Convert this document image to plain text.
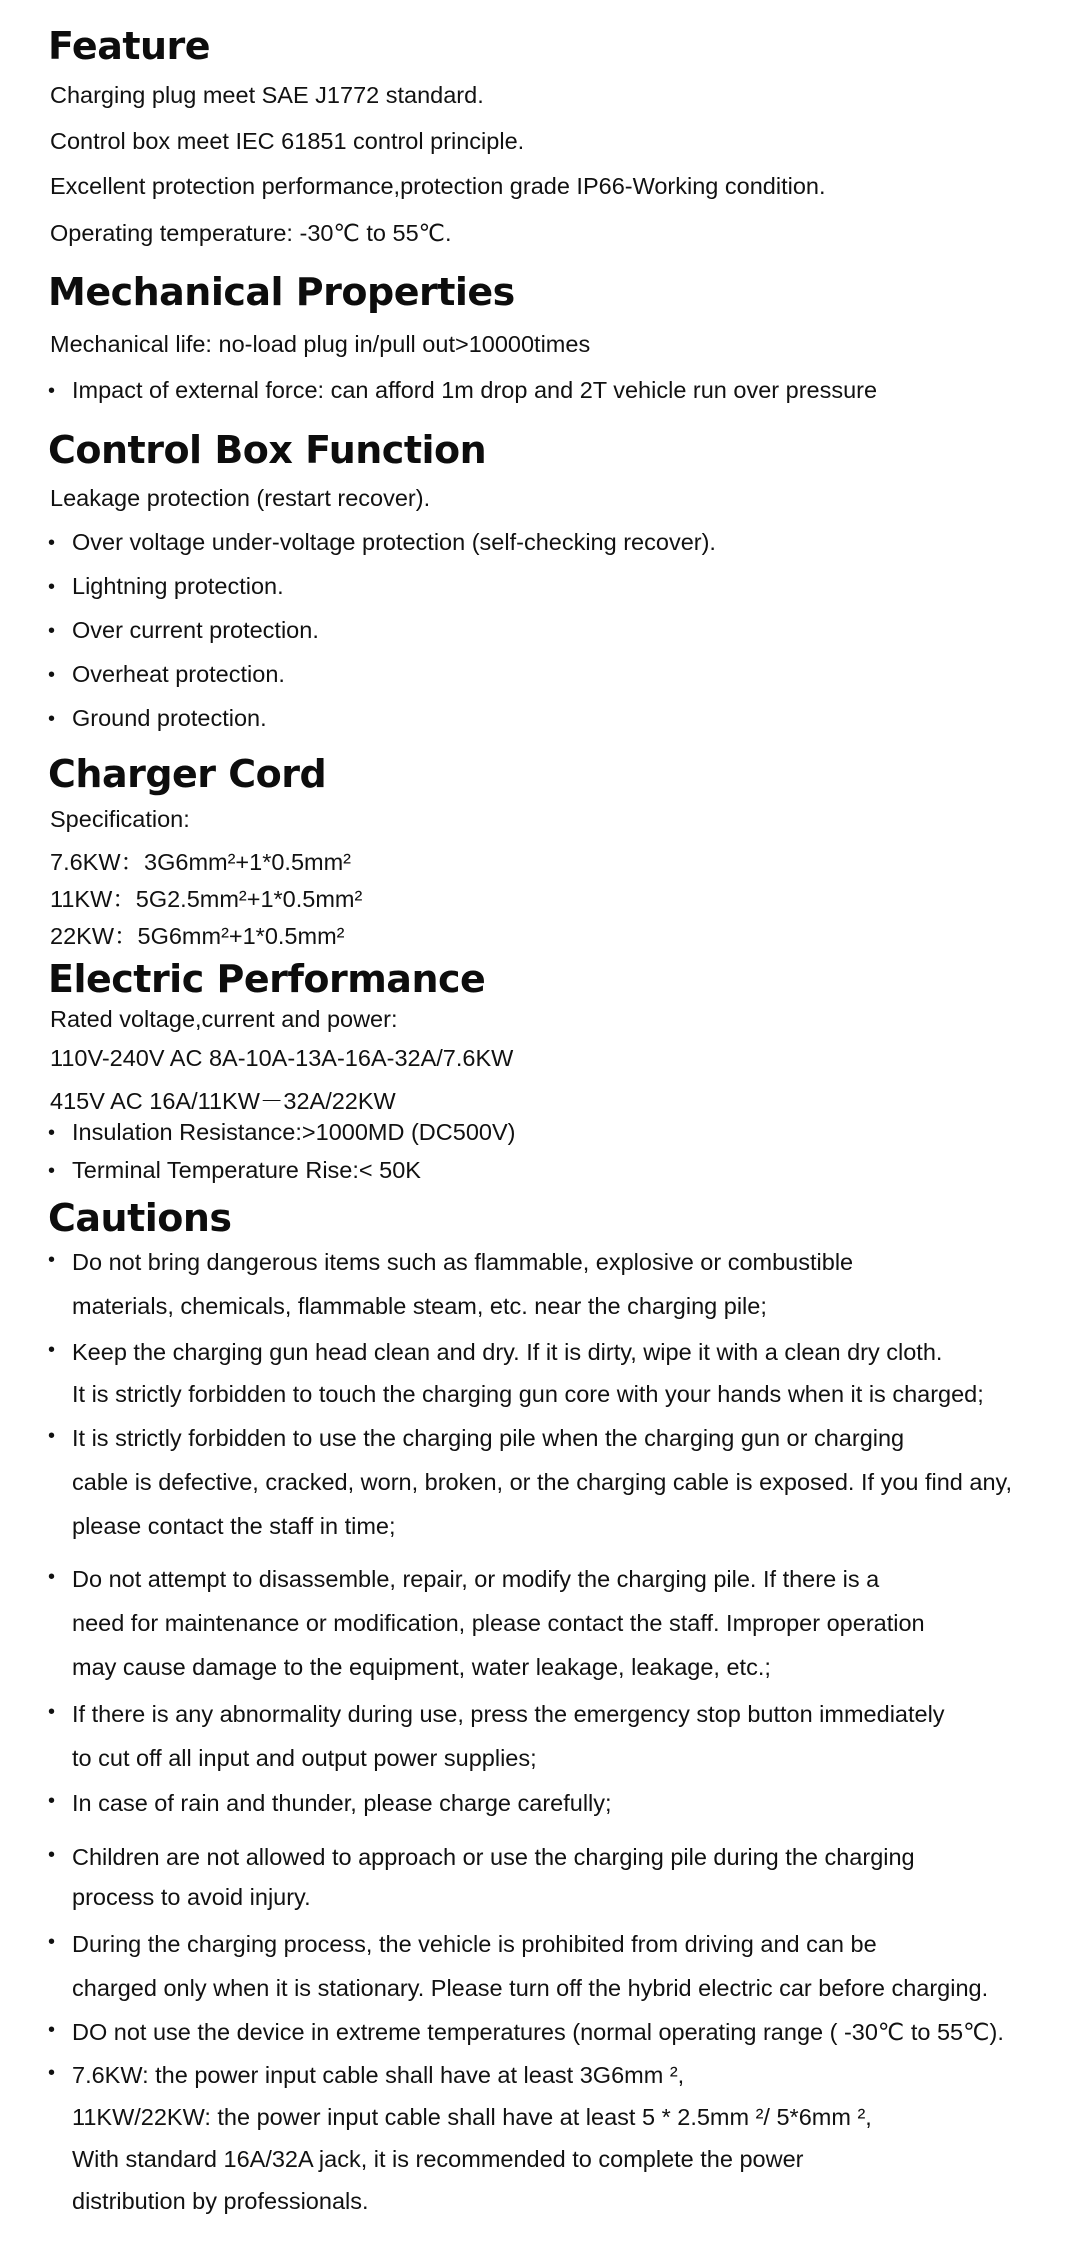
Feature

Charging plug meet SAE J1772 standard.

Control box meet IEC 61851 control principle.

Excellent protection performance,protection grade IP66-Working condition.

Operating temperature: -30℃ to 55℃.

Mechanical Properties

Mechanical life: no-load plug in/pull out>10000times

• Impact of external force: can afford 1m drop and 2T vehicle run over pressure

Control Box Function

Leakage protection (restart recover).

• Over voltage under-voltage protection (self-checking recover).

• Lightning protection.

• Over current protection.

• Overheat protection.

• Ground protection.

Charger Cord

Specification:

7.6KW：3G6mm²+1*0.5mm²

11KW：5G2.5mm²+1*0.5mm²

22KW：5G6mm²+1*0.5mm²

Electric Performance

Rated voltage,current and power:

110V-240V AC 8A-10A-13A-16A-32A/7.6KW

415V AC 16A/11KW－32A/22KW

• Insulation Resistance:>1000MD (DC500V)

• Terminal Temperature Rise:< 50K

Cautions
• Do not bring dangerous items such as flammable, explosive or combustible
materials, chemicals, flammable steam, etc. near the charging pile;
• Keep the charging gun head clean and dry. If it is dirty, wipe it with a clean dry cloth.
It is strictly forbidden to touch the charging gun core with your hands when it is charged;
• It is strictly forbidden to use the charging pile when the charging gun or charging
cable is defective, cracked, worn, broken, or the charging cable is exposed. If you find any,
please contact the staff in time;
• Do not attempt to disassemble, repair, or modify the charging pile. If there is a
need for maintenance or modification, please contact the staff. Improper operation
may cause damage to the equipment, water leakage, leakage, etc.;
• If there is any abnormality during use, press the emergency stop button immediately
to cut off all input and output power supplies;
• In case of rain and thunder, please charge carefully;
• Children are not allowed to approach or use the charging pile during the charging
process to avoid injury.
• During the charging process, the vehicle is prohibited from driving and can be
charged only when it is stationary. Please turn off the hybrid electric car before charging.
• DO not use the device in extreme temperatures (normal operating range ( -30℃ to 55℃).
• 7.6KW: the power input cable shall have at least 3G6mm ²,
11KW/22KW: the power input cable shall have at least 5 * 2.5mm ²/ 5*6mm ²,
With standard 16A/32A jack, it is recommended to complete the power
distribution by professionals.
